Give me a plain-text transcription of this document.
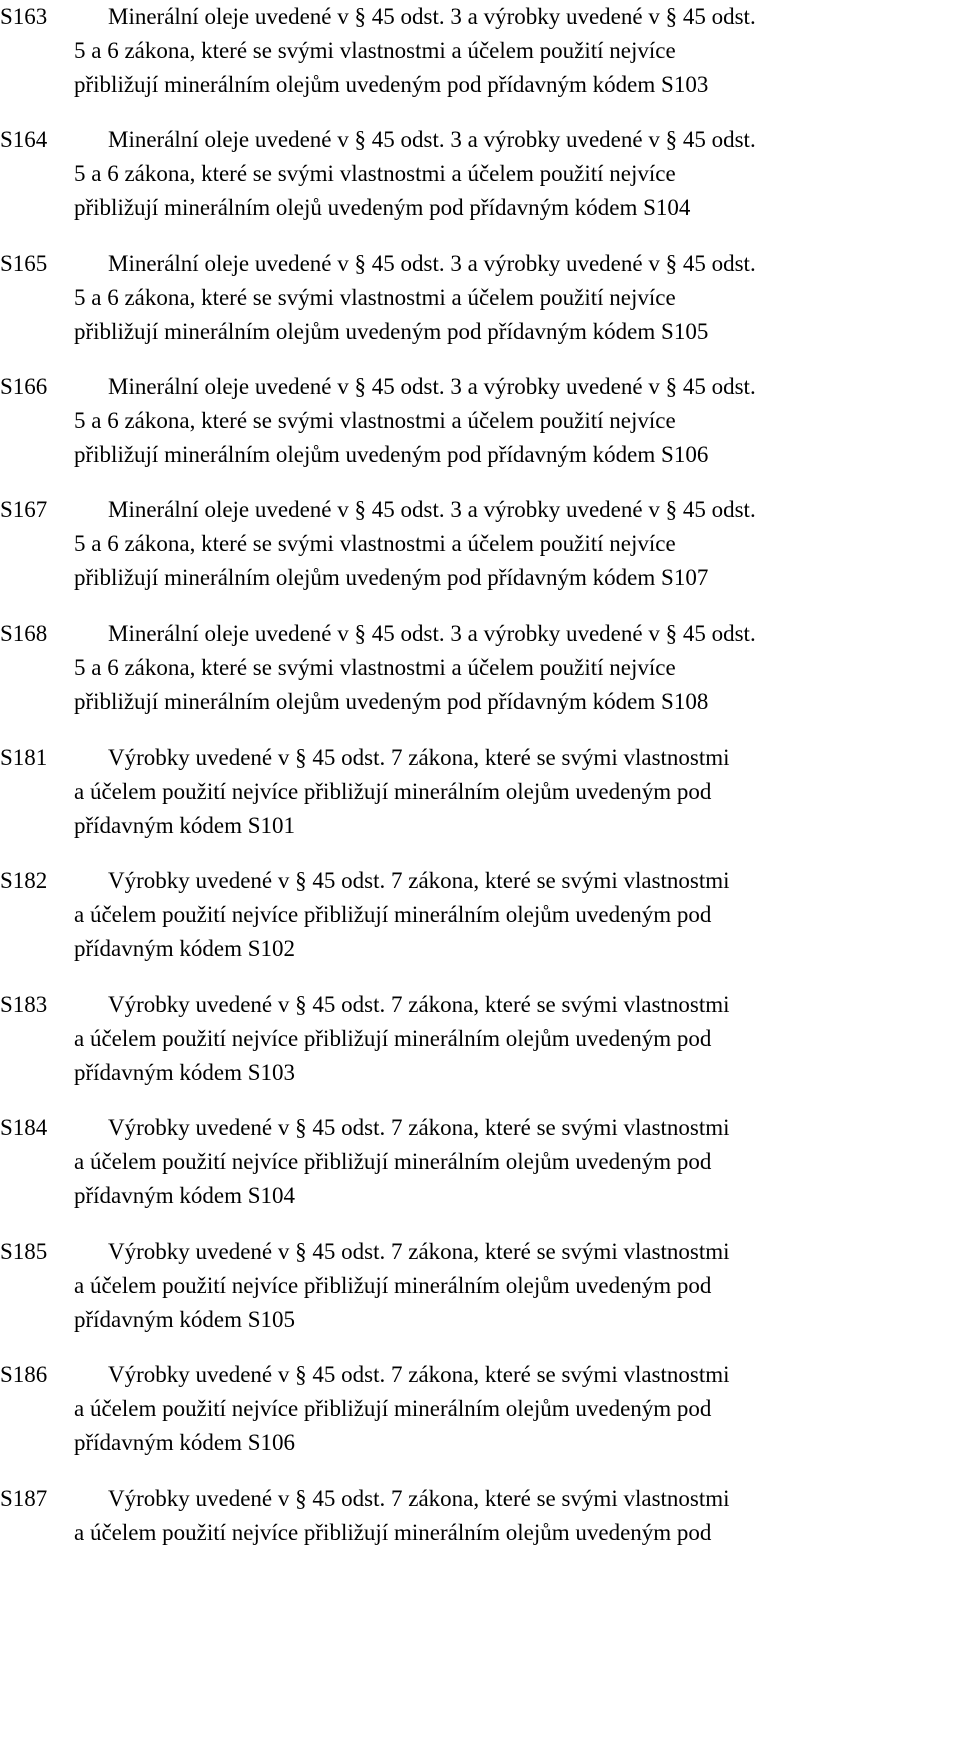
S163	Minerální oleje uvedené v § 45 odst. 3 a výrobky uvedené v § 45 odst.
5 a 6 zákona, které se svými vlastnostmi a účelem použití nejvíce
přibližují minerálním olejům uvedeným pod přídavným kódem S103
S164	Minerální oleje uvedené v § 45 odst. 3 a výrobky uvedené v § 45 odst.
5 a 6 zákona, které se svými vlastnostmi a účelem použití nejvíce
přibližují minerálním olejů uvedeným pod přídavným kódem S104
S165	Minerální oleje uvedené v § 45 odst. 3 a výrobky uvedené v § 45 odst.
5 a 6 zákona, které se svými vlastnostmi a účelem použití nejvíce
přibližují minerálním olejům uvedeným pod přídavným kódem S105
S166	Minerální oleje uvedené v § 45 odst. 3 a výrobky uvedené v § 45 odst.
5 a 6 zákona, které se svými vlastnostmi a účelem použití nejvíce
přibližují minerálním olejům uvedeným pod přídavným kódem S106
S167	Minerální oleje uvedené v § 45 odst. 3 a výrobky uvedené v § 45 odst.
5 a 6 zákona, které se svými vlastnostmi a účelem použití nejvíce
přibližují minerálním olejům uvedeným pod přídavným kódem S107
S168	Minerální oleje uvedené v § 45 odst. 3 a výrobky uvedené v § 45 odst.
5 a 6 zákona, které se svými vlastnostmi a účelem použití nejvíce
přibližují minerálním olejům uvedeným pod přídavným kódem S108
S181	Výrobky uvedené v § 45 odst. 7 zákona, které se svými vlastnostmi
a účelem použití nejvíce přibližují minerálním olejům uvedeným pod
přídavným kódem S101
S182	Výrobky uvedené v § 45 odst. 7 zákona, které se svými vlastnostmi
a účelem použití nejvíce přibližují minerálním olejům uvedeným pod
přídavným kódem S102
S183	Výrobky uvedené v § 45 odst. 7 zákona, které se svými vlastnostmi
a účelem použití nejvíce přibližují minerálním olejům uvedeným pod
přídavným kódem S103
S184	Výrobky uvedené v § 45 odst. 7 zákona, které se svými vlastnostmi
a účelem použití nejvíce přibližují minerálním olejům uvedeným pod
přídavným kódem S104
S185	Výrobky uvedené v § 45 odst. 7 zákona, které se svými vlastnostmi
a účelem použití nejvíce přibližují minerálním olejům uvedeným pod
přídavným kódem S105
S186	Výrobky uvedené v § 45 odst. 7 zákona, které se svými vlastnostmi
a účelem použití nejvíce přibližují minerálním olejům uvedeným pod
přídavným kódem S106
S187	Výrobky uvedené v § 45 odst. 7 zákona, které se svými vlastnostmi
a účelem použití nejvíce přibližují minerálním olejům uvedeným pod
